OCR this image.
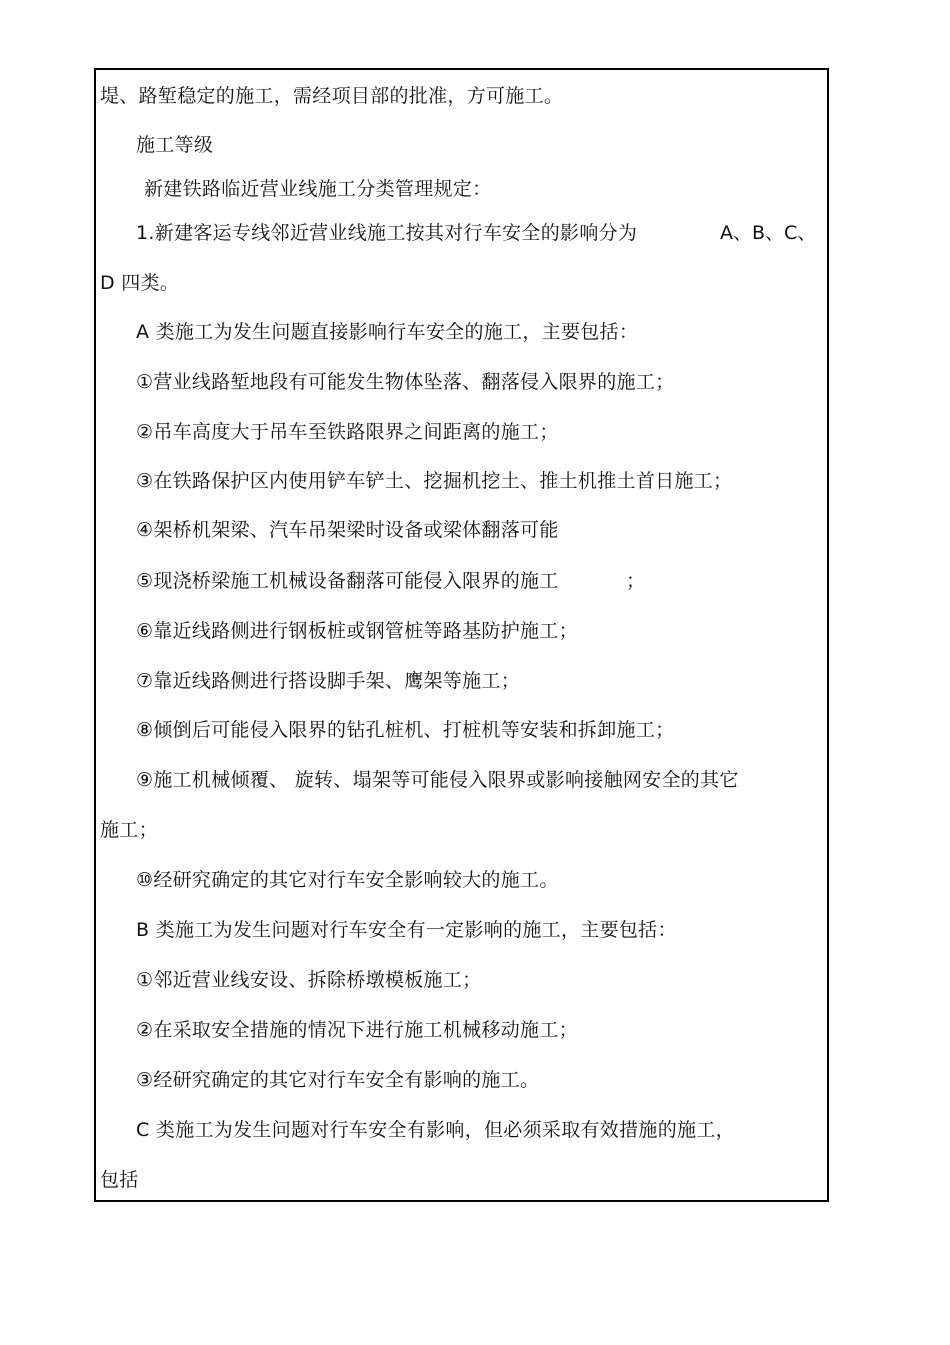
堤、路堑稳定的施工，需经项目部的批准，方可施工。
施工等级
新建铁路临近营业线施工分类管理规定：
1.新建客运专线邻近营业线施工按其对行车安全的影响分为	A、B、C、
D 四类。
A 类施工为发生问题直接影响行车安全的施工，主要包括：
①营业线路堑地段有可能发生物体坠落、翻落侵入限界的施工；
②吊车高度大于吊车至铁路限界之间距离的施工；
③在铁路保护区内使用铲车铲土、挖掘机挖土、推土机推土首日施工；
④架桥机架梁、汽车吊架梁时设备或梁体翻落可能
⑤现浇桥梁施工机械设备翻落可能侵入限界的施工	；
⑥靠近线路侧进行钢板桩或钢管桩等路基防护施工；
⑦靠近线路侧进行搭设脚手架、鹰架等施工；
⑧倾倒后可能侵入限界的钻孔桩机、打桩机等安装和拆卸施工；
⑨施工机械倾覆、 旋转、塌架等可能侵入限界或影响接触网安全的其它
施工；
⑩经研究确定的其它对行车安全影响较大的施工。
B 类施工为发生问题对行车安全有一定影响的施工，主要包括：
①邻近营业线安设、拆除桥墩模板施工；
②在采取安全措施的情况下进行施工机械移动施工；
③经研究确定的其它对行车安全有影响的施工。
C 类施工为发生问题对行车安全有影响，但必须采取有效措施的施工，
包括
